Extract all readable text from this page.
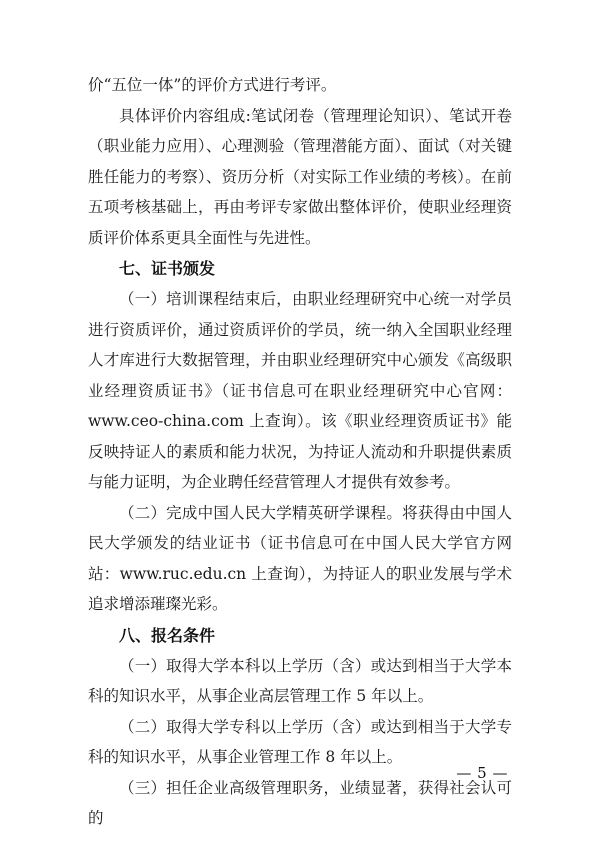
价“五位一体”的评价方式进行考评。

具体评价内容组成:笔试闭卷（管理理论知识）、笔试开卷（职业能力应用）、心理测验（管理潜能方面）、面试（对关键胜任能力的考察）、资历分析（对实际工作业绩的考核）。在前五项考核基础上，再由考评专家做出整体评价，使职业经理资质评价体系更具全面性与先进性。

七、证书颁发

（一）培训课程结束后，由职业经理研究中心统一对学员进行资质评价，通过资质评价的学员，统一纳入全国职业经理人才库进行大数据管理，并由职业经理研究中心颁发《高级职业经理资质证书》（证书信息可在职业经理研究中心官网：www.ceo-china.com 上查询）。该《职业经理资质证书》能反映持证人的素质和能力状况，为持证人流动和升职提供素质与能力证明，为企业聘任经营管理人才提供有效参考。

（二）完成中国人民大学精英研学课程。将获得由中国人民大学颁发的结业证书（证书信息可在中国人民大学官方网站：www.ruc.edu.cn 上查询），为持证人的职业发展与学术追求增添璀璨光彩。

八、报名条件

（一）取得大学本科以上学历（含）或达到相当于大学本科的知识水平，从事企业高层管理工作 5 年以上。

（二）取得大学专科以上学历（含）或达到相当于大学专科的知识水平，从事企业管理工作 8 年以上。

（三）担任企业高级管理职务，业绩显著，获得社会认可的

— 5 —
